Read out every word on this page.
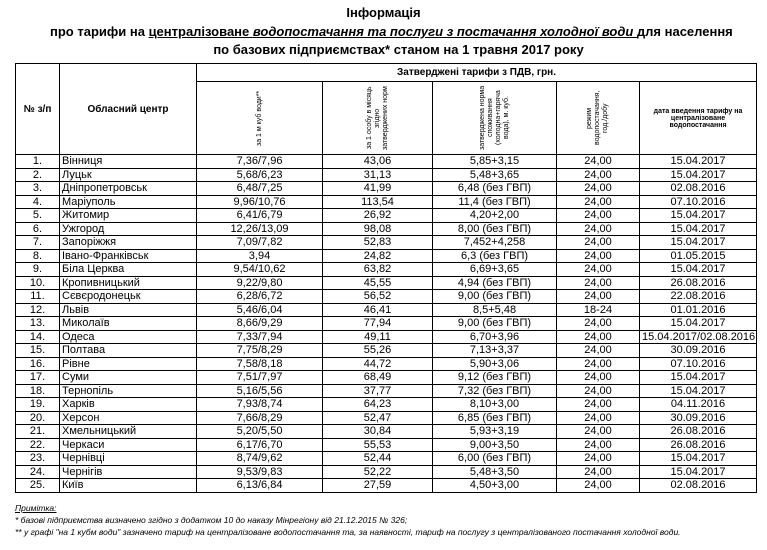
Інформація
про тарифи на централізоване водопостачання та послуги з постачання холодної води для населення
по базових підприємствах* станом на 1 травня 2017 року
№ з/п	Обласний центр	Затверджені тарифи з ПДВ, грн.				

		за 1 м куб води**	за 1 особу в місяць згідно затверджених норм	затверджена норма споживання (холодна+гаряча вода), м. куб.	режим водопостачання, год./добу	дата введення тарифу на централізоване водопостачання
1.	Вінниця	7,36/7,96	43,06	5,85+3,15	24,00	15.04.2017
2.	Луцьк	5,68/6,23	31,13	5,48+3,65	24,00	15.04.2017
3.	Дніпропетровськ	6,48/7,25	41,99	6,48 (без ГВП)	24,00	02.08.2016
4.	Маріуполь	9,96/10,76	113,54	11,4 (без ГВП)	24,00	07.10.2016
5.	Житомир	6,41/6,79	26,92	4,20+2,00	24,00	15.04.2017
6.	Ужгород	12,26/13,09	98,08	8,00 (без ГВП)	24,00	15.04.2017
7.	Запоріжжя	7,09/7,82	52,83	7,452+4,258	24,00	15.04.2017
8.	Івано-Франківськ	3,94	24,82	6,3 (без ГВП)	24,00	01.05.2015
9.	Біла Церква	9,54/10,62	63,82	6,69+3,65	24,00	15.04.2017
10.	Кропивницький	9,22/9,80	45,55	4,94 (без ГВП)	24,00	26.08.2016
11.	Сєвєродонецьк	6,28/6,72	56,52	9,00 (без ГВП)	24,00	22.08.2016
12.	Львів	5,46/6,04	46,41	8,5+5,48	18-24	01.01.2016
13.	Миколаїв	8,66/9,29	77,94	9,00 (без ГВП)	24,00	15.04.2017
14.	Одеса	7,33/7,94	49,11	6,70+3,96	24,00	15.04.2017/02.08.2016
15.	Полтава	7,75/8,29	55,26	7,13+3,37	24,00	30.09.2016
16.	Рівне	7,58/8,18	44,72	5,90+3,06	24,00	07.10.2016
17.	Суми	7,51/7,97	68,49	9,12 (без ГВП)	24,00	15.04.2017
18.	Тернопіль	5,16/5,56	37,77	7,32 (без ГВП)	24,00	15.04.2017
19.	Харків	7,93/8,74	64,23	8,10+3,00	24,00	04.11.2016
20.	Херсон	7,66/8,29	52,47	6,85 (без ГВП)	24,00	30.09.2016
21.	Хмельницький	5,20/5,50	30,84	5,93+3,19	24,00	26.08.2016
22.	Черкаси	6,17/6,70	55,53	9,00+3,50	24,00	26.08.2016
23.	Чернівці	8,74/9,62	52,44	6,00 (без ГВП)	24,00	15.04.2017
24.	Чернігів	9,53/9,83	52,22	5,48+3,50	24,00	15.04.2017
25.	Київ	6,13/6,84	27,59	4,50+3,00	24,00	02.08.2016
Примітка:
* базові підприємства визначено згідно з додатком 10 до наказу Мінрегіону від 21.12.2015 № 326;
** у графі "на 1 кубм води" зазначено тариф на централізоване водопостачання та, за наявності, тариф на послугу з централізованого постачання холодної води.
